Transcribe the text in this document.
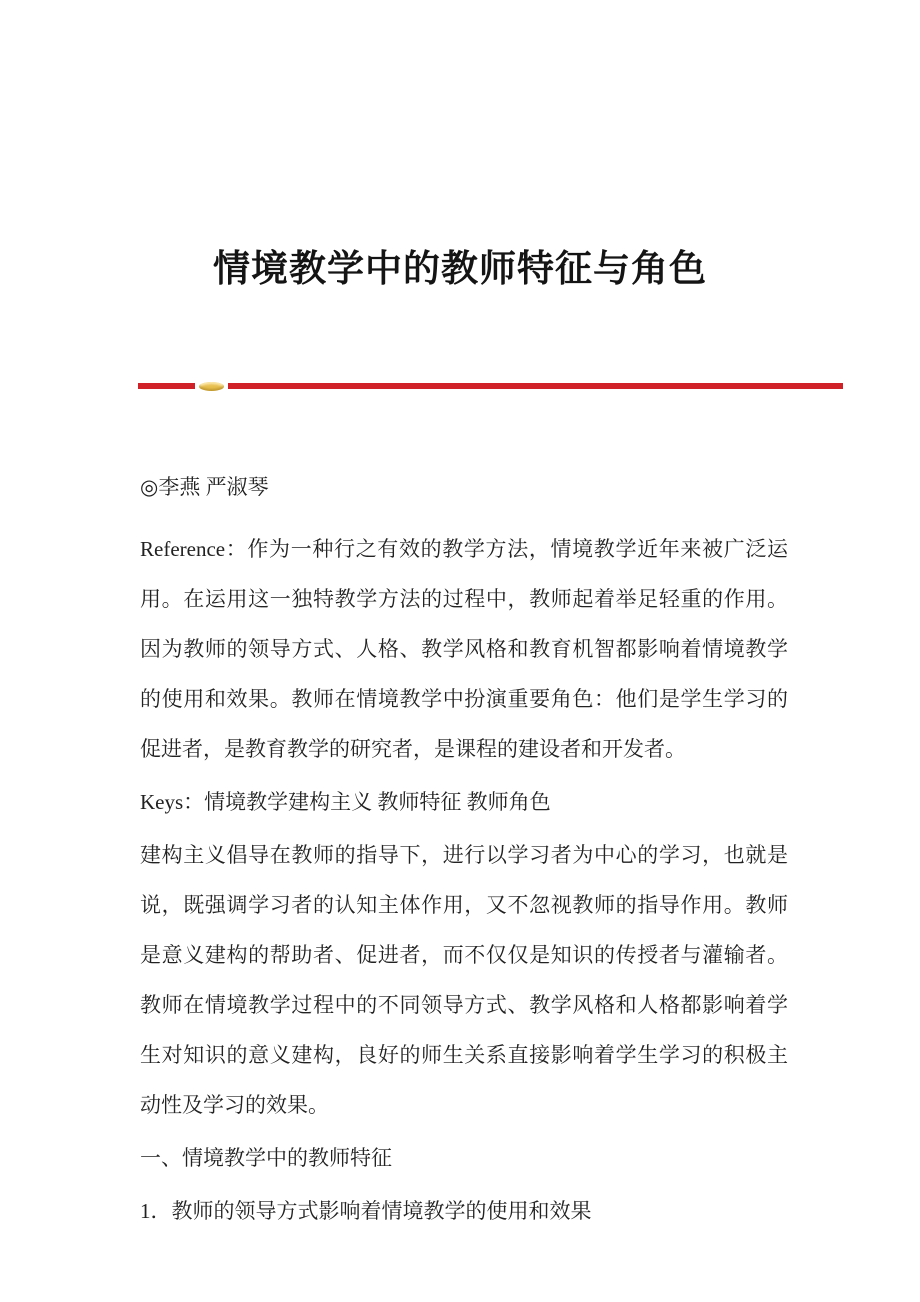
情境教学中的教师特征与角色
◎李燕 严淑琴

Reference：作为一种行之有效的教学方法，情境教学近年来被广泛运用。在运用这一独特教学方法的过程中，教师起着举足轻重的作用。因为教师的领导方式、人格、教学风格和教育机智都影响着情境教学的使用和效果。教师在情境教学中扮演重要角色：他们是学生学习的促进者，是教育教学的研究者，是课程的建设者和开发者。

Keys：情境教学建构主义 教师特征 教师角色

建构主义倡导在教师的指导下，进行以学习者为中心的学习，也就是说，既强调学习者的认知主体作用，又不忽视教师的指导作用。教师是意义建构的帮助者、促进者，而不仅仅是知识的传授者与灌输者。教师在情境教学过程中的不同领导方式、教学风格和人格都影响着学生对知识的意义建构，良好的师生关系直接影响着学生学习的积极主动性及学习的效果。

一、情境教学中的教师特征

1．教师的领导方式影响着情境教学的使用和效果
